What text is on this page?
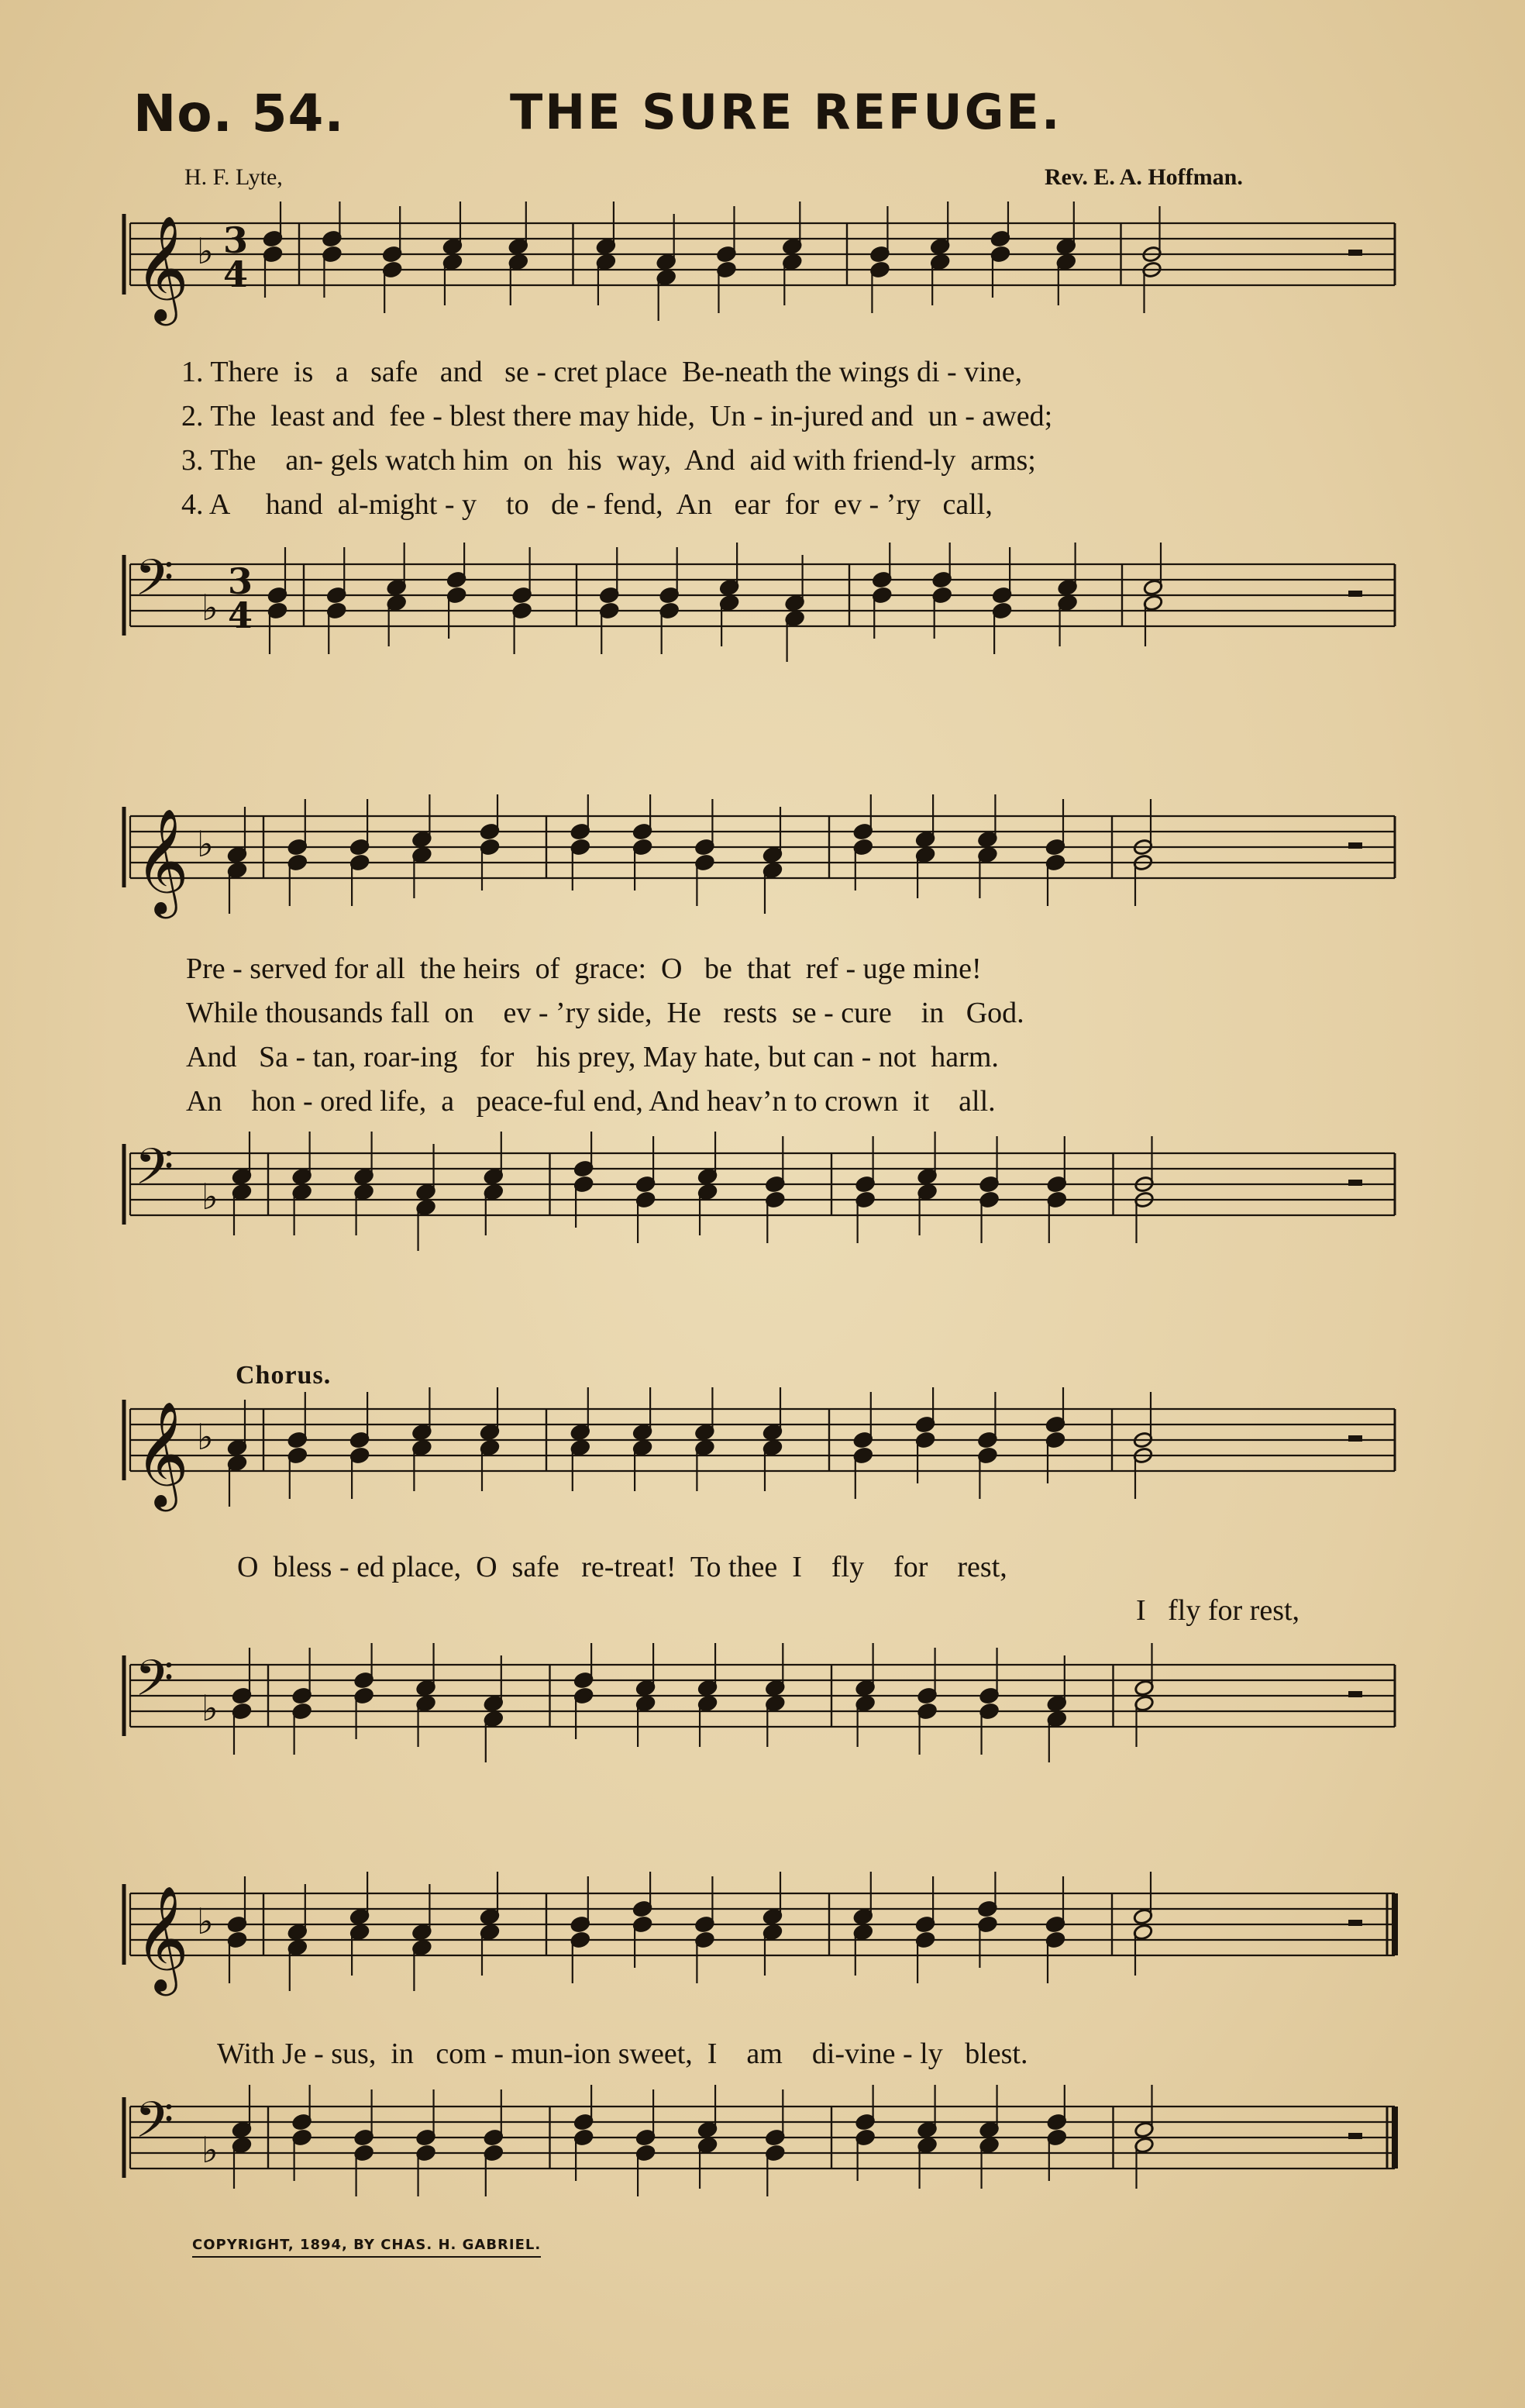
No. 54.	THE SURE REFUGE.
H. F. Lyte,	Rev. E. A. Hoffman.
𝄞 ♭ 3
4
1. There  is   a   safe   and   se - cret place  Be-neath the wings di - vine,
2. The  least and  fee - blest there may hide,  Un - in-jured and  un - awed;
3. The    an- gels watch him  on  his  way,  And  aid with friend-ly  arms;
4. A     hand  al-might - y    to   de - fend,  An   ear  for  ev - ’ry   call,
𝄢 ♭
3
4
𝄞 ♭
Pre - served for all  the heirs  of  grace:  O   be  that  ref - uge mine!
While thousands fall  on    ev - ’ry side,  He   rests  se - cure    in   God.
And   Sa - tan, roar-ing   for   his prey, May hate, but can - not  harm.
An    hon - ored life,  a   peace-ful end, And heav’n to crown  it    all.
𝄢 ♭
Chorus.
𝄞 ♭
O  bless - ed place,  O  safe   re-treat!  To thee  I    fly    for    rest,
I   fly for rest,
𝄢 ♭
𝄞 ♭
With Je - sus,  in   com - mun-ion sweet,  I    am    di-vine - ly   blest.
𝄢 ♭
COPYRIGHT, 1894, BY CHAS. H. GABRIEL.
